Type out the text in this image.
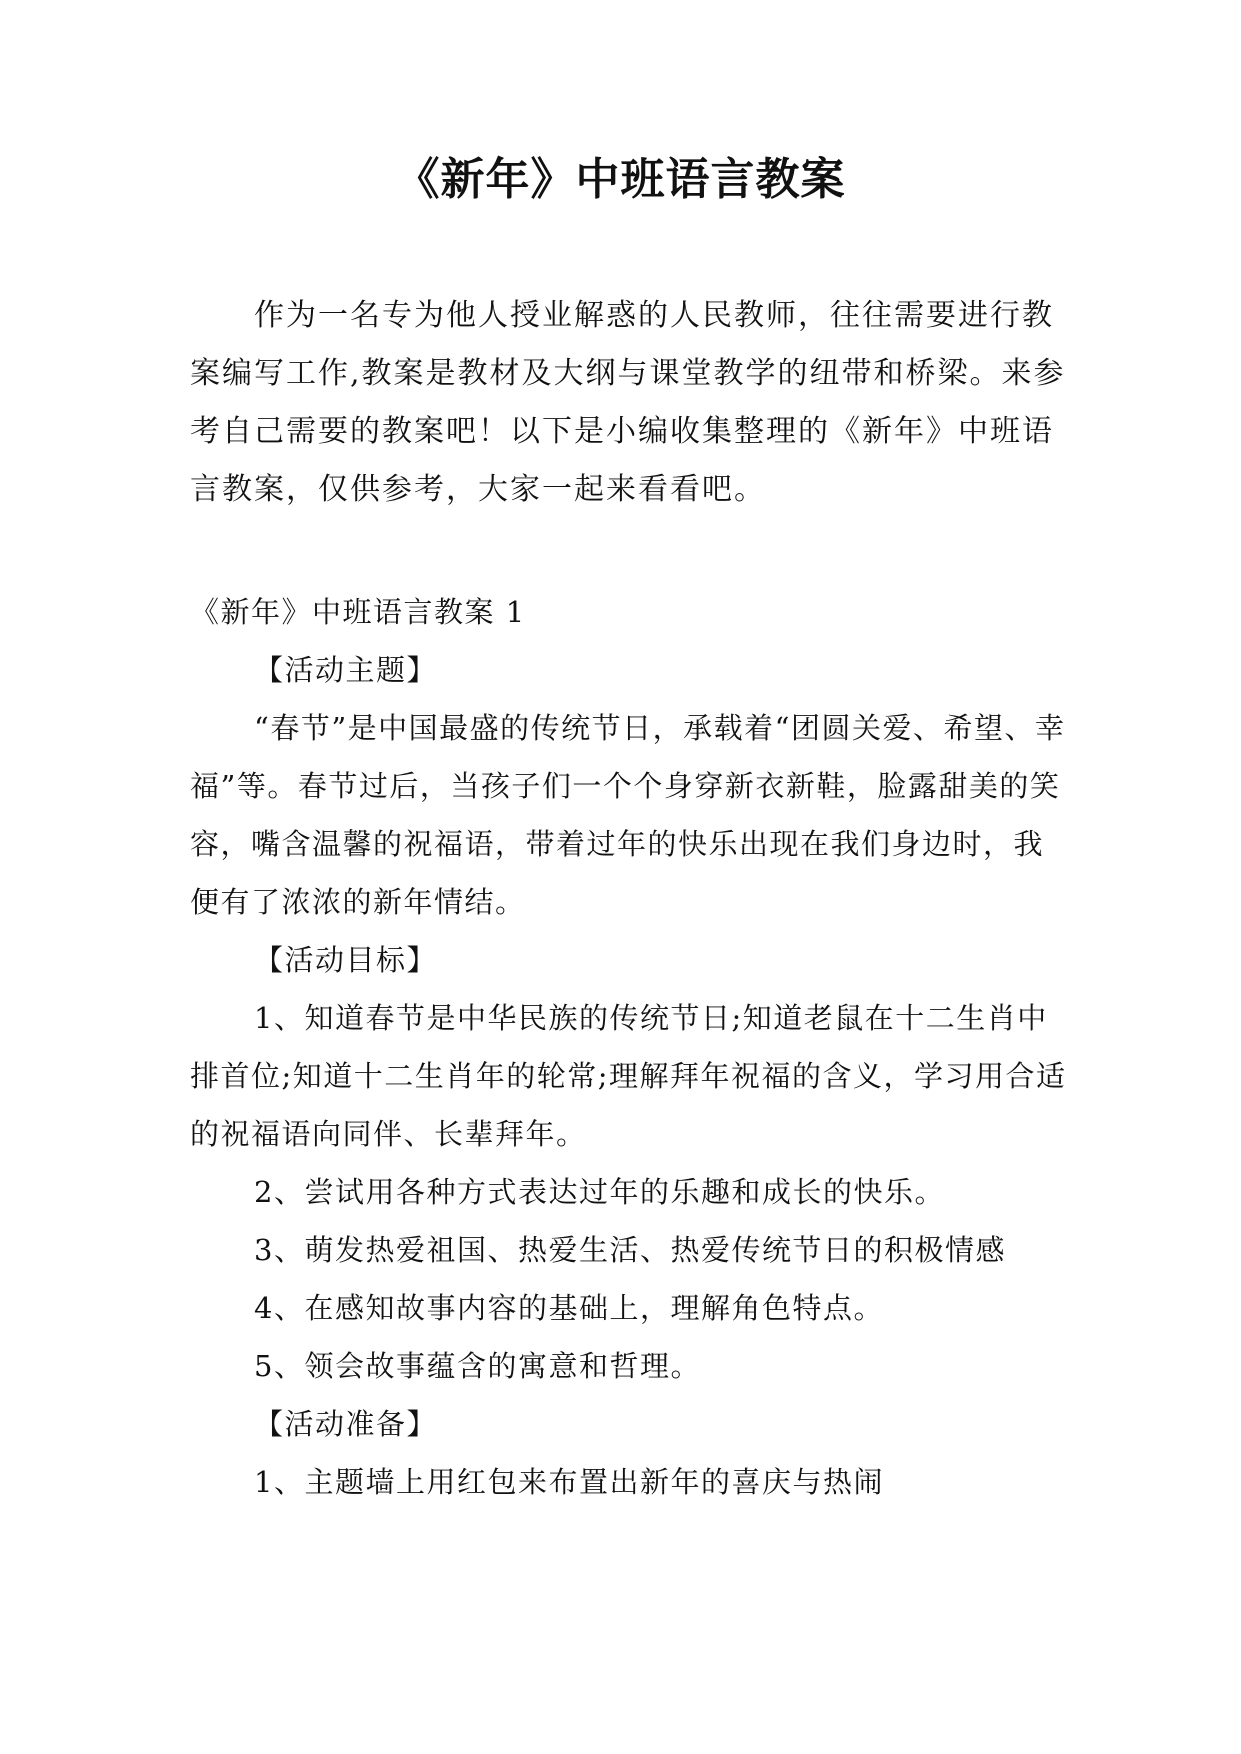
《新年》中班语言教案

作为一名专为他人授业解惑的人民教师，往往需要进行教案编写工作,教案是教材及大纲与课堂教学的纽带和桥梁。来参考自己需要的教案吧！以下是小编收集整理的《新年》中班语言教案，仅供参考，大家一起来看看吧。

《新年》中班语言教案 1

【活动主题】

“春节”是中国最盛的传统节日，承载着“团圆关爱、希望、幸福”等。春节过后，当孩子们一个个身穿新衣新鞋，脸露甜美的笑容，嘴含温馨的祝福语，带着过年的快乐出现在我们身边时，我便有了浓浓的新年情结。

【活动目标】

1、知道春节是中华民族的传统节日;知道老鼠在十二生肖中排首位;知道十二生肖年的轮常;理解拜年祝福的含义，学习用合适的祝福语向同伴、长辈拜年。

2、尝试用各种方式表达过年的乐趣和成长的快乐。

3、萌发热爱祖国、热爱生活、热爱传统节日的积极情感

4、在感知故事内容的基础上，理解角色特点。

5、领会故事蕴含的寓意和哲理。

【活动准备】

1、主题墙上用红包来布置出新年的喜庆与热闹
